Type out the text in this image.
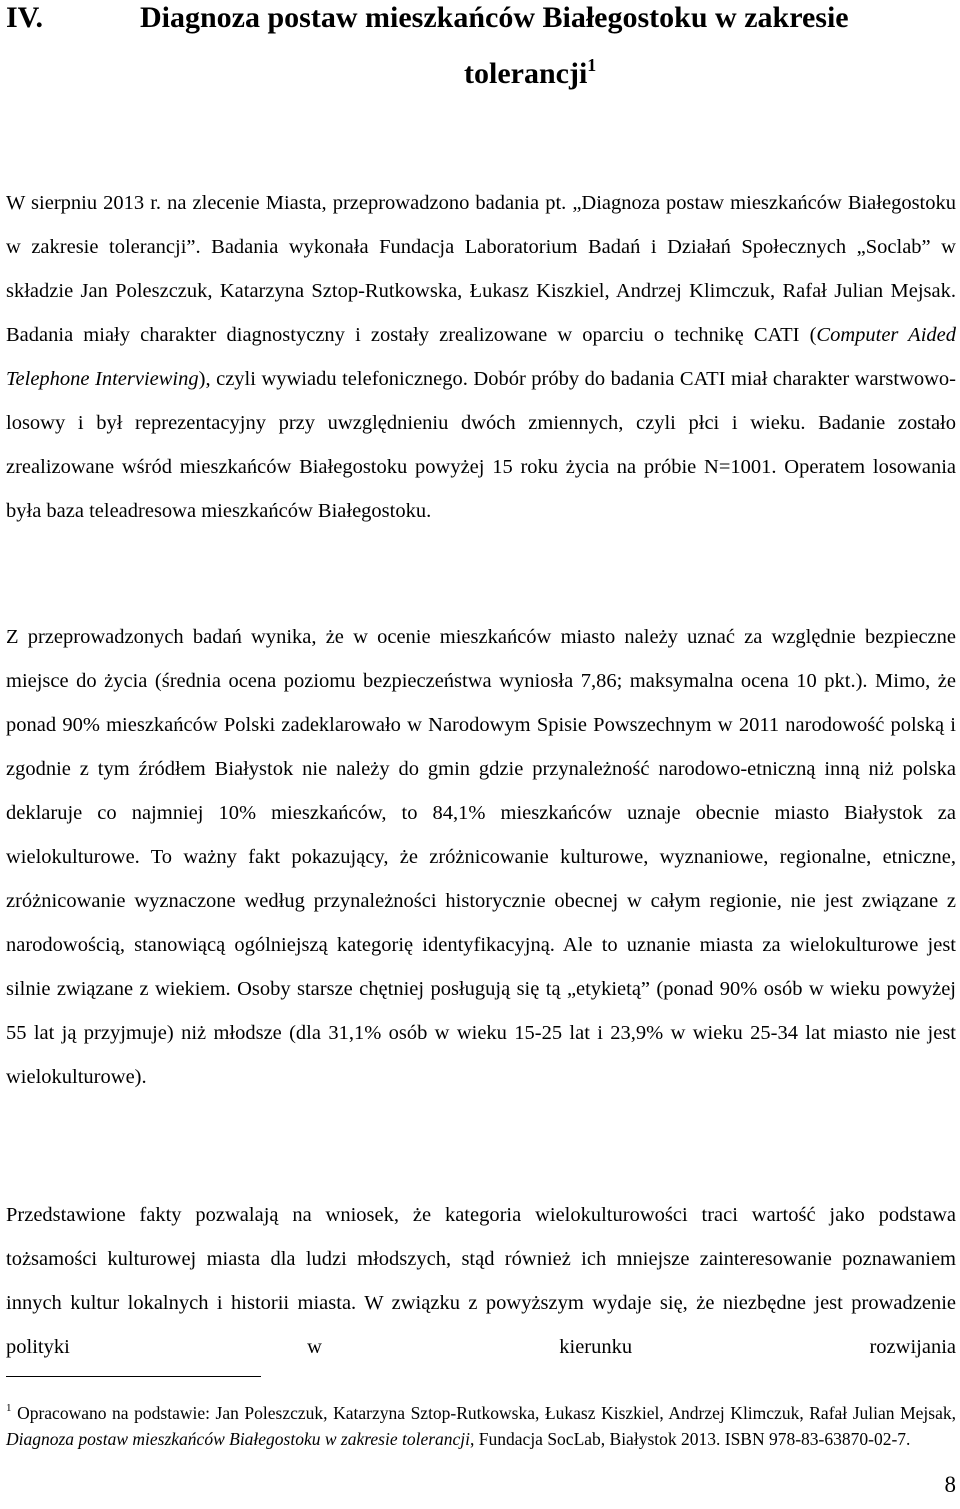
IV.	Diagnoza postaw mieszkańców Białegostoku w zakresie
tolerancji$^1$

W sierpniu 2013 r. na zlecenie Miasta, przeprowadzono badania pt. „Diagnoza postaw mieszkańców Białegostoku w zakresie tolerancji”. Badania wykonała Fundacja Laboratorium Badań i Działań Społecznych „Soclab” w składzie Jan Poleszczuk, Katarzyna Sztop-Rutkowska, Łukasz Kiszkiel, Andrzej Klimczuk, Rafał Julian Mejsak. Badania miały charakter diagnostyczny i zostały zrealizowane w oparciu o technikę CATI (Computer Aided Telephone Interviewing), czyli wywiadu telefonicznego. Dobór próby do badania CATI miał charakter warstwowo-losowy i był reprezentacyjny przy uwzględnieniu dwóch zmiennych, czyli płci i wieku. Badanie zostało zrealizowane wśród mieszkańców Białegostoku powyżej 15 roku życia na próbie N=1001. Operatem losowania była baza teleadresowa mieszkańców Białegostoku.

Z przeprowadzonych badań wynika, że w ocenie mieszkańców miasto należy uznać za względnie bezpieczne miejsce do życia (średnia ocena poziomu bezpieczeństwa wyniosła 7,86; maksymalna ocena 10 pkt.). Mimo, że ponad 90% mieszkańców Polski zadeklarowało w Narodowym Spisie Powszechnym w 2011 narodowość polską i zgodnie z tym źródłem Białystok nie należy do gmin gdzie przynależność narodowo-etniczną inną niż polska deklaruje co najmniej 10% mieszkańców, to 84,1% mieszkańców uznaje obecnie miasto Białystok za wielokulturowe. To ważny fakt pokazujący, że zróżnicowanie kulturowe, wyznaniowe, regionalne, etniczne, zróżnicowanie wyznaczone według przynależności historycznie obecnej w całym regionie, nie jest związane z narodowością, stanowiącą ogólniejszą kategorię identyfikacyjną. Ale to uznanie miasta za wielokulturowe jest silnie związane z wiekiem. Osoby starsze chętniej posługują się tą „etykietą” (ponad 90% osób w wieku powyżej 55 lat ją przyjmuje) niż młodsze (dla 31,1% osób w wieku 15-25 lat i 23,9% w wieku 25-34 lat miasto nie jest wielokulturowe).

Przedstawione fakty pozwalają na wniosek, że kategoria wielokulturowości traci wartość jako podstawa tożsamości kulturowej miasta dla ludzi młodszych, stąd również ich mniejsze zainteresowanie poznawaniem innych kultur lokalnych i historii miasta. W związku z powyższym wydaje się, że niezbędne jest prowadzenie polityki w kierunku rozwijania

$^1$ Opracowano na podstawie: Jan Poleszczuk, Katarzyna Sztop-Rutkowska, Łukasz Kiszkiel, Andrzej Klimczuk, Rafał Julian Mejsak, Diagnoza postaw mieszkańców Białegostoku w zakresie tolerancji, Fundacja SocLab, Białystok 2013. ISBN 978-83-63870-02-7.

8
